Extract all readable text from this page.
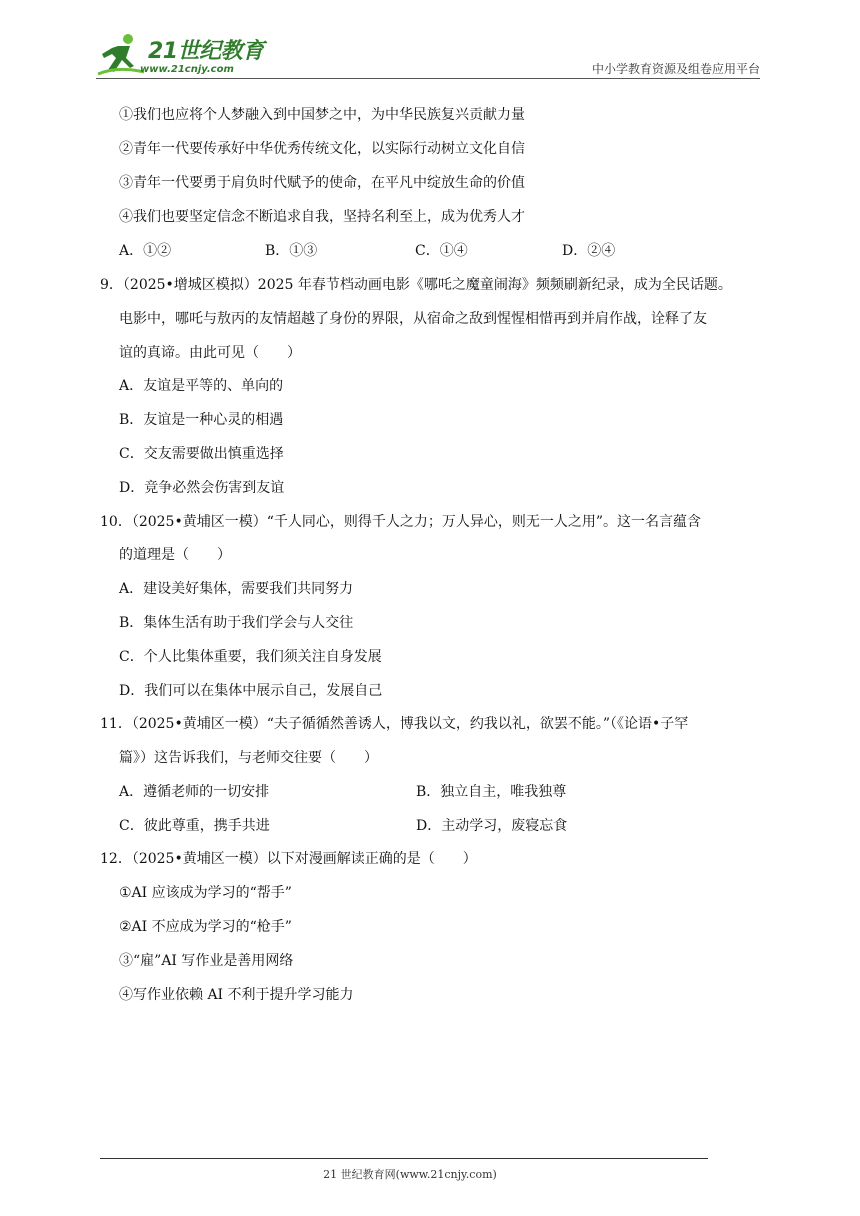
21世纪教育
www.21cnjy.com	中小学教育资源及组卷应用平台
①我们也应将个人梦融入到中国梦之中，为中华民族复兴贡献力量
②青年一代要传承好中华优秀传统文化，以实际行动树立文化自信
③青年一代要勇于肩负时代赋予的使命，在平凡中绽放生命的价值
④我们也要坚定信念不断追求自我，坚持名利至上，成为优秀人才
A．①②	B．①③	C．①④	D．②④
9．（2025•增城区模拟）2025 年春节档动画电影《哪吒之魔童闹海》频频刷新纪录，成为全民话题。
电影中，哪吒与敖丙的友情超越了身份的界限，从宿命之敌到惺惺相惜再到并肩作战，诠释了友
谊的真谛。由此可见（　　）
A．友谊是平等的、单向的
B．友谊是一种心灵的相遇
C．交友需要做出慎重选择
D．竞争必然会伤害到友谊
10．（2025•黄埔区一模）“千人同心，则得千人之力；万人异心，则无一人之用”。这一名言蕴含
的道理是（　　）
A．建设美好集体，需要我们共同努力
B．集体生活有助于我们学会与人交往
C．个人比集体重要，我们须关注自身发展
D．我们可以在集体中展示自己，发展自己
11．（2025•黄埔区一模）“夫子循循然善诱人，博我以文，约我以礼，欲罢不能。”（《论语•子罕
篇》）这告诉我们，与老师交往要（　　）
A．遵循老师的一切安排	B．独立自主，唯我独尊
C．彼此尊重，携手共进	D．主动学习，废寝忘食
12．（2025•黄埔区一模）以下对漫画解读正确的是（　　）
①AI 应该成为学习的“帮手”
②AI 不应成为学习的“枪手”
③“雇”AI 写作业是善用网络
④写作业依赖 AI 不利于提升学习能力
21 世纪教育网(www.21cnjy.com)
